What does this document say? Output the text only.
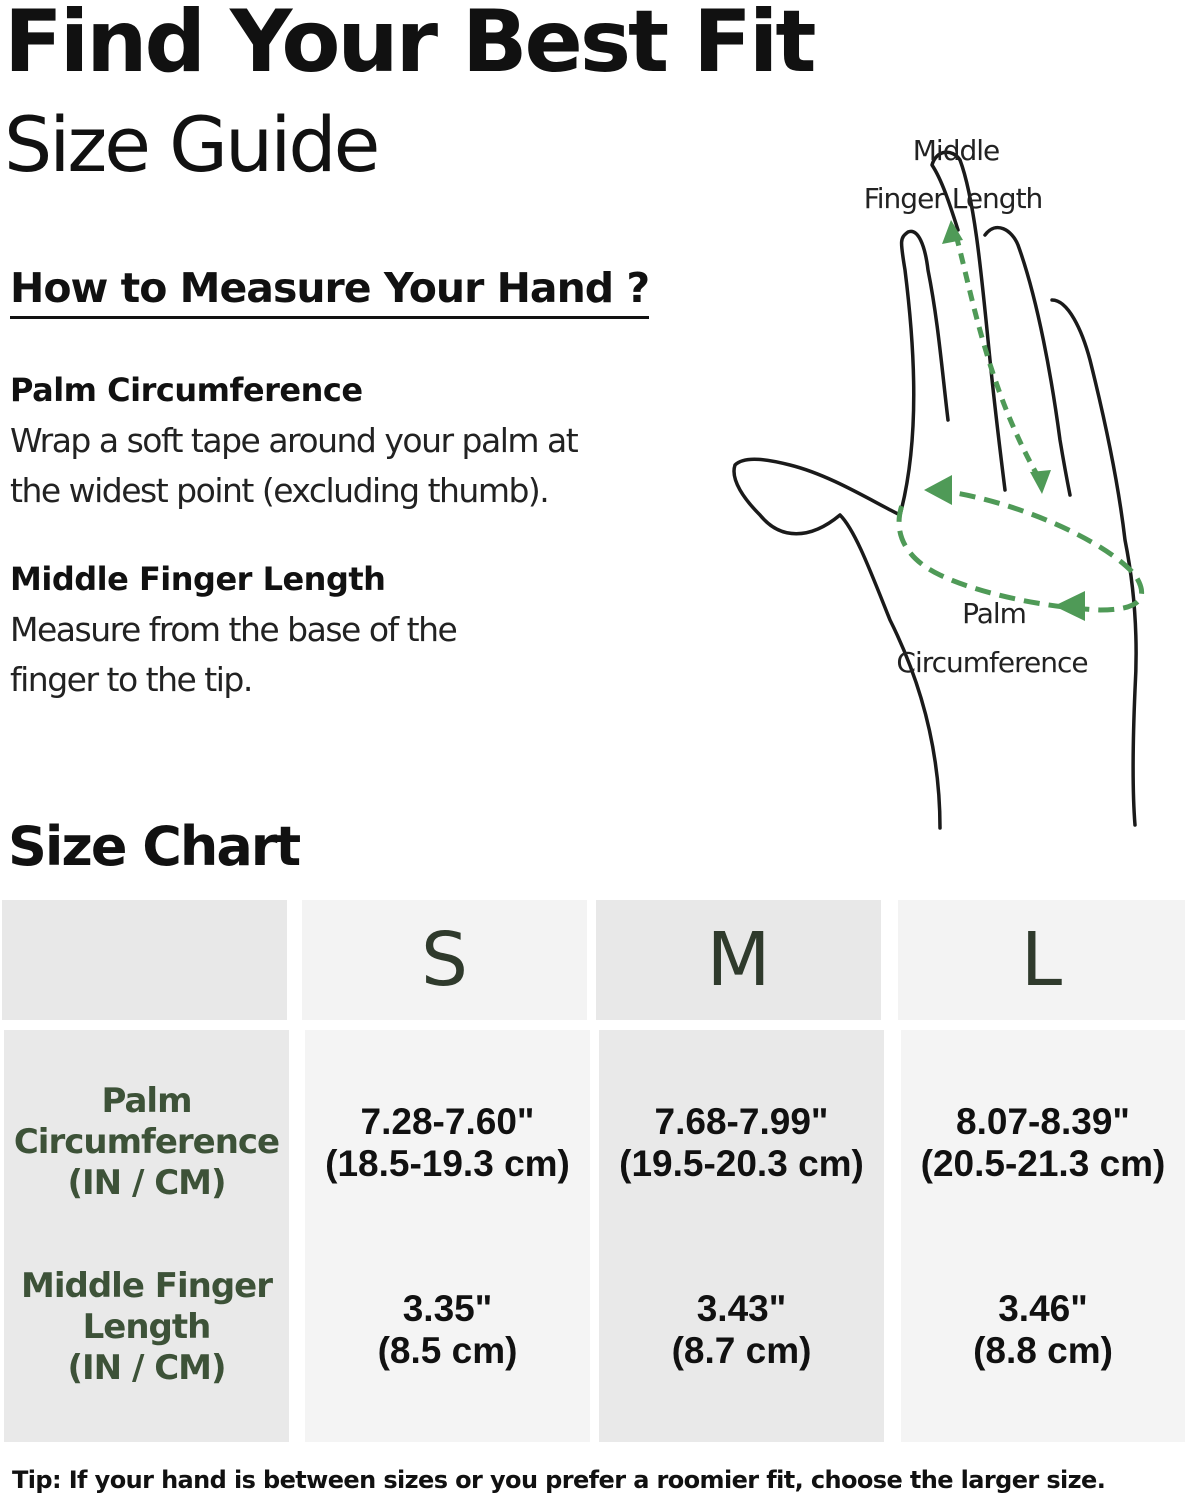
Find Your Best Fit
Size Guide
How to Measure Your Hand ?

Palm Circumference

Wrap a soft tape around your palm at

the widest point (excluding thumb).

Middle Finger Length

Measure from the base of the

finger to the tip.

Middle
Finger Length
Palm
Circumference
Size Chart
S	M	L
Palm
Circumference
(IN / CM)
7.28-7.60"
(18.5-19.3 cm)
7.68-7.99"
(19.5-20.3 cm)
8.07-8.39"
(20.5-21.3 cm)
Middle Finger
Length
(IN / CM)
3.35"
(8.5 cm)
3.43"
(8.7 cm)
3.46"
(8.8 cm)

Tip: If your hand is between sizes or you prefer a roomier fit, choose the larger size.
